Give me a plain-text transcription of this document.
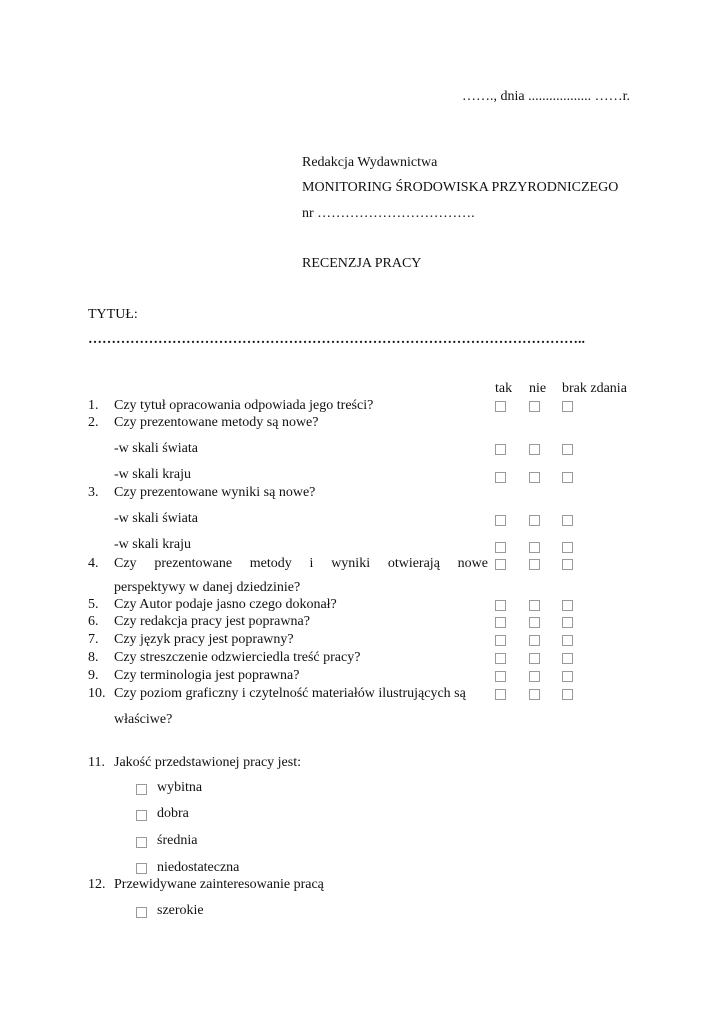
……., dnia .................. ……r.
Redakcja Wydawnictwa
MONITORING ŚRODOWISKA PRZYRODNICZEGO
nr …………………………….
RECENZJA PRACY
TYTUŁ:
……………………………………………………………………………………………..
tak nie brak zdania
1. Czy tytuł opracowania odpowiada jego treści?
2. Czy prezentowane metody są nowe?
-w skali świata
-w skali kraju
3. Czy prezentowane wyniki są nowe?
-w skali świata
-w skali kraju
4. Czy prezentowane metody i wyniki otwierają nowe
perspektywy w danej dziedzinie?
5. Czy Autor podaje jasno czego dokonał?
6. Czy redakcja pracy jest poprawna?
7. Czy język pracy jest poprawny?
8. Czy streszczenie odzwierciedla treść pracy?
9. Czy terminologia jest poprawna?
10. Czy poziom graficzny i czytelność materiałów ilustrujących są
właściwe?
11. Jakość przedstawionej pracy jest:
wybitna
dobra
średnia
niedostateczna
12. Przewidywane zainteresowanie pracą
szerokie
